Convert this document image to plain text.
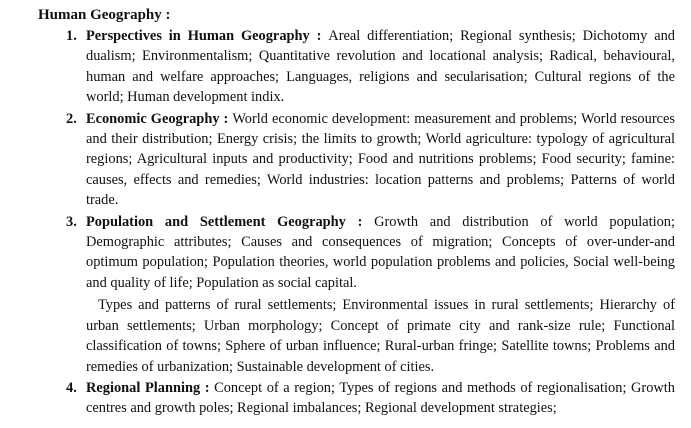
Human Geography :
1. Perspectives in Human Geography : Areal differentiation; Regional synthesis; Dichotomy and dualism; Environmentalism; Quantitative revolution and locational analysis; Radical, behavioural, human and welfare approaches; Languages, religions and secularisation; Cultural regions of the world; Human development indix.

2. Economic Geography : World economic development: measurement and problems; World resources and their distribution; Energy crisis; the limits to growth; World agriculture: typology of agricultural regions; Agricultural inputs and productivity; Food and nutritions problems; Food security; famine: causes, effects and remedies; World industries: location patterns and problems; Patterns of world trade.

3. Population and Settlement Geography : Growth and distribution of world population; Demographic attributes; Causes and consequences of migration; Concepts of over-under-and optimum population; Population theories, world population problems and policies, Social well-being and quality of life; Population as social capital.

Types and patterns of rural settlements; Environmental issues in rural settlements; Hierarchy of urban settlements; Urban morphology; Concept of primate city and rank-size rule; Functional classification of towns; Sphere of urban influence; Rural-urban fringe; Satellite towns; Problems and remedies of urbanization; Sustainable development of cities.

4. Regional Planning : Concept of a region; Types of regions and methods of regionalisation; Growth centres and growth poles; Regional imbalances; Regional development strategies;
